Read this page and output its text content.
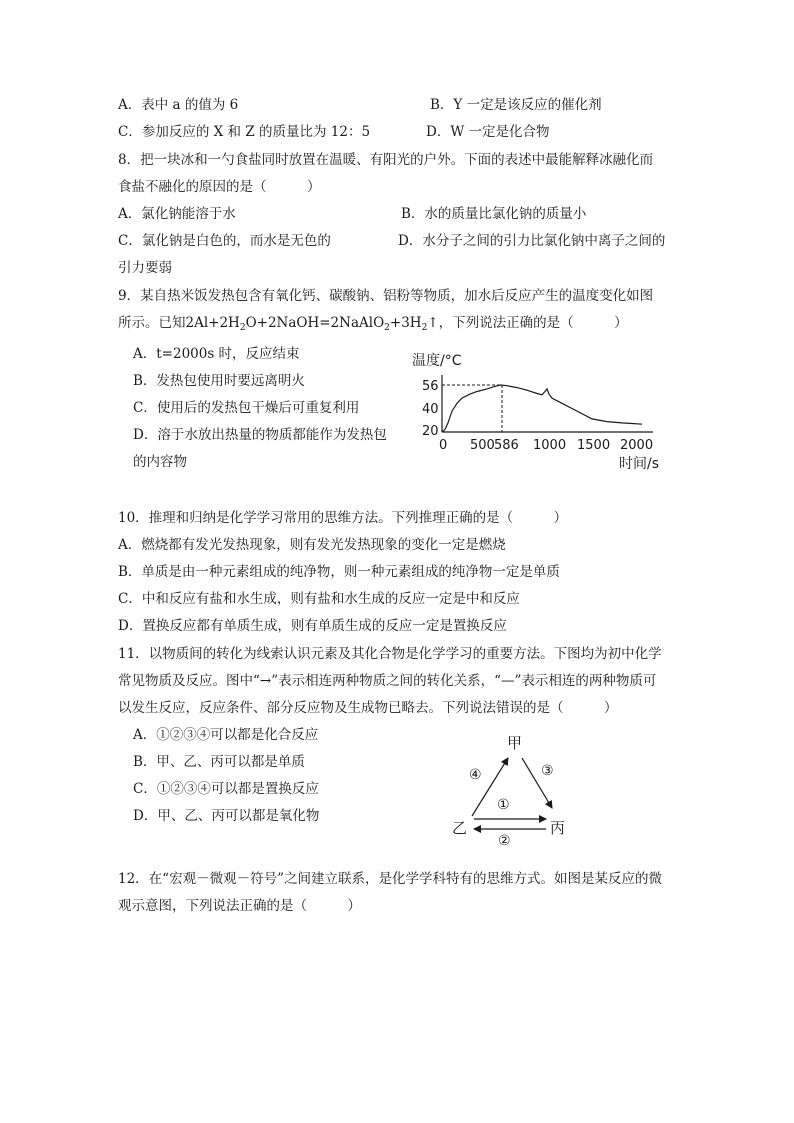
A．表中 a 的值为 6	B．Y 一定是该反应的催化剂
C．参加反应的 X 和 Z 的质量比为 12：5	D．W 一定是化合物
8．把一块冰和一勺食盐同时放置在温暖、有阳光的户外。下面的表述中最能解释冰融化而
食盐不融化的原因的是（　　　）
A．氯化钠能溶于水	B．水的质量比氯化钠的质量小
C．氯化钠是白色的，而水是无色的	D．水分子之间的引力比氯化钠中离子之间的
引力要弱
9．某自热米饭发热包含有氧化钙、碳酸钠、铝粉等物质，加水后反应产生的温度变化如图
所示。已知$2Al+2H_2O+2NaOH=2NaAlO_2+3H_2↑$，下列说法正确的是（　　　）
A．t=2000s 时，反应结束
B．发热包使用时要远离明火
C．使用后的发热包干燥后可重复利用
D．溶于水放出热量的物质都能作为发热包
的内容物
温度/°C
时间/s
56
40
20
0 500 586 1000 1500 2000
10．推理和归纳是化学学习常用的思维方法。下列推理正确的是（　　　）
A．燃烧都有发光发热现象，则有发光发热现象的变化一定是燃烧
B．单质是由一种元素组成的纯净物，则一种元素组成的纯净物一定是单质
C．中和反应有盐和水生成，则有盐和水生成的反应一定是中和反应
D．置换反应都有单质生成，则有单质生成的反应一定是置换反应
11．以物质间的转化为线索认识元素及其化合物是化学学习的重要方法。下图均为初中化学
常见物质及反应。图中“→”表示相连两种物质之间的转化关系，“—”表示相连的两种物质可
以发生反应，反应条件、部分反应物及生成物已略去。下列说法错误的是（　　　）
A．①②③④可以都是化合反应
B．甲、乙、丙可以都是单质
C．①②③④可以都是置换反应
D．甲、乙、丙可以都是氧化物
甲
乙	丙
④	③
①
②
12．在“宏观－微观－符号”之间建立联系，是化学学科特有的思维方式。如图是某反应的微
观示意图，下列说法正确的是（　　　）
